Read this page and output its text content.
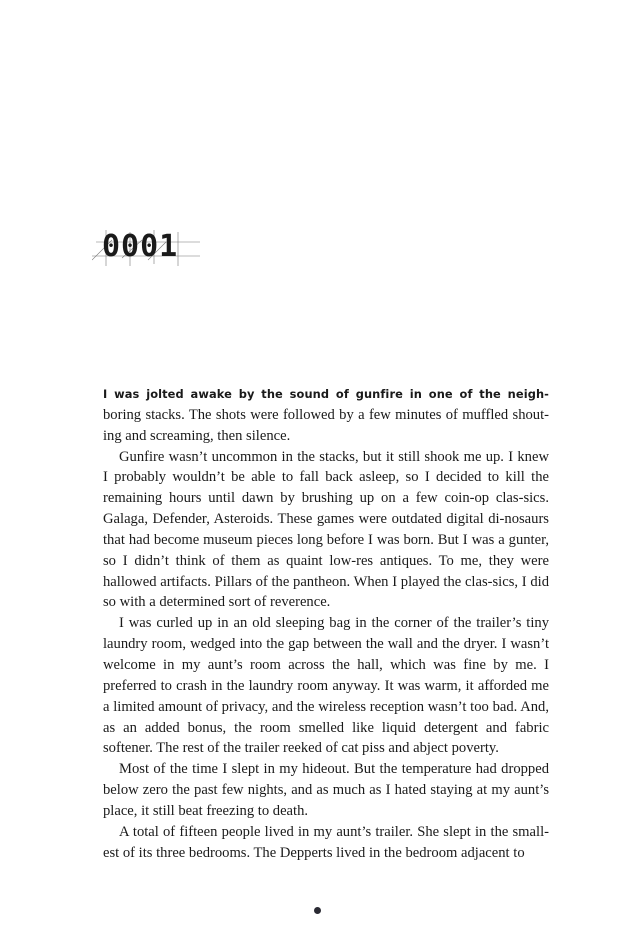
0001

I was jolted awake by the sound of gunfire in one of the neigh- boring stacks. The shots were followed by a few minutes of muffled shout-ing and screaming, then silence.

Gunfire wasn’t uncommon in the stacks, but it still shook me up. I knew I probably wouldn’t be able to fall back asleep, so I decided to kill the remaining hours until dawn by brushing up on a few coin-op clas-sics. Galaga, Defender, Asteroids. These games were outdated digital di-nosaurs that had become museum pieces long before I was born. But I was a gunter, so I didn’t think of them as quaint low-res antiques. To me, they were hallowed artifacts. Pillars of the pantheon. When I played the clas-sics, I did so with a determined sort of reverence.

I was curled up in an old sleeping bag in the corner of the trailer’s tiny laundry room, wedged into the gap between the wall and the dryer. I wasn’t welcome in my aunt’s room across the hall, which was fine by me. I preferred to crash in the laundry room anyway. It was warm, it afforded me a limited amount of privacy, and the wireless reception wasn’t too bad. And, as an added bonus, the room smelled like liquid detergent and fabric softener. The rest of the trailer reeked of cat piss and abject poverty.

Most of the time I slept in my hideout. But the temperature had dropped below zero the past few nights, and as much as I hated staying at my aunt’s place, it still beat freezing to death.

A total of fifteen people lived in my aunt’s trailer. She slept in the small-est of its three bedrooms. The Depperts lived in the bedroom adjacent to
